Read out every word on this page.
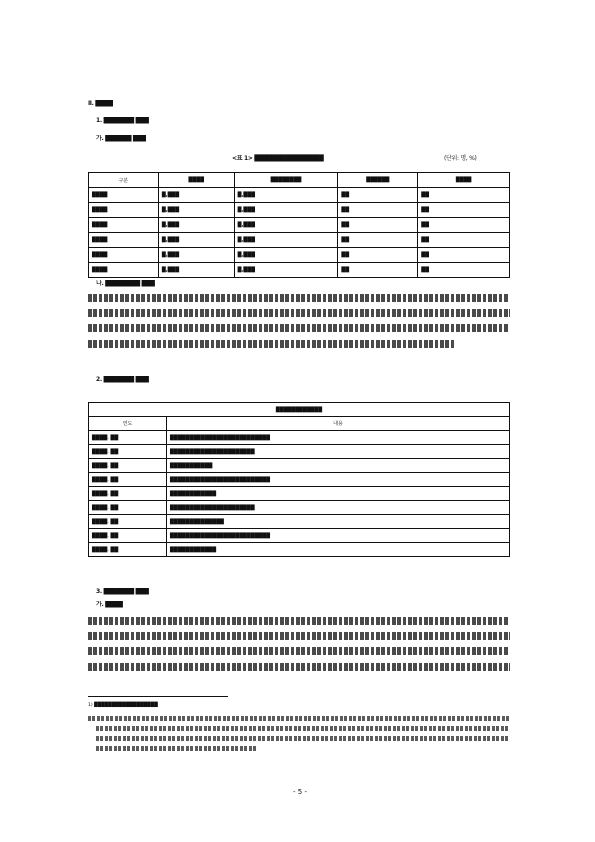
Ⅱ. ████
1. ███████ ███
가. ██████ ███
<표 1> ████████████████	(단위: 명, %)
구분	████	████████	██████	████
████	█,███	█,███	██	██
████	█,███	█,███	██	██
████	█,███	█,███	██	██
████	█,███	█,███	██	██
████	█,███	█,███	██	██
████	█,███	█,███	██	██
나. ████████ ███
2. ███████ ███
████████████	
연도	내용
████. ██	██████████████████████████
████. ██	██████████████████████
████. ██	███████████
████. ██	██████████████████████████
████. ██	████████████
████. ██	██████████████████████
████. ██	██████████████
████. ██	██████████████████████████
████. ██	████████████
3. ███████ ███
가. ████
1) ██████████████████
- 5 -
